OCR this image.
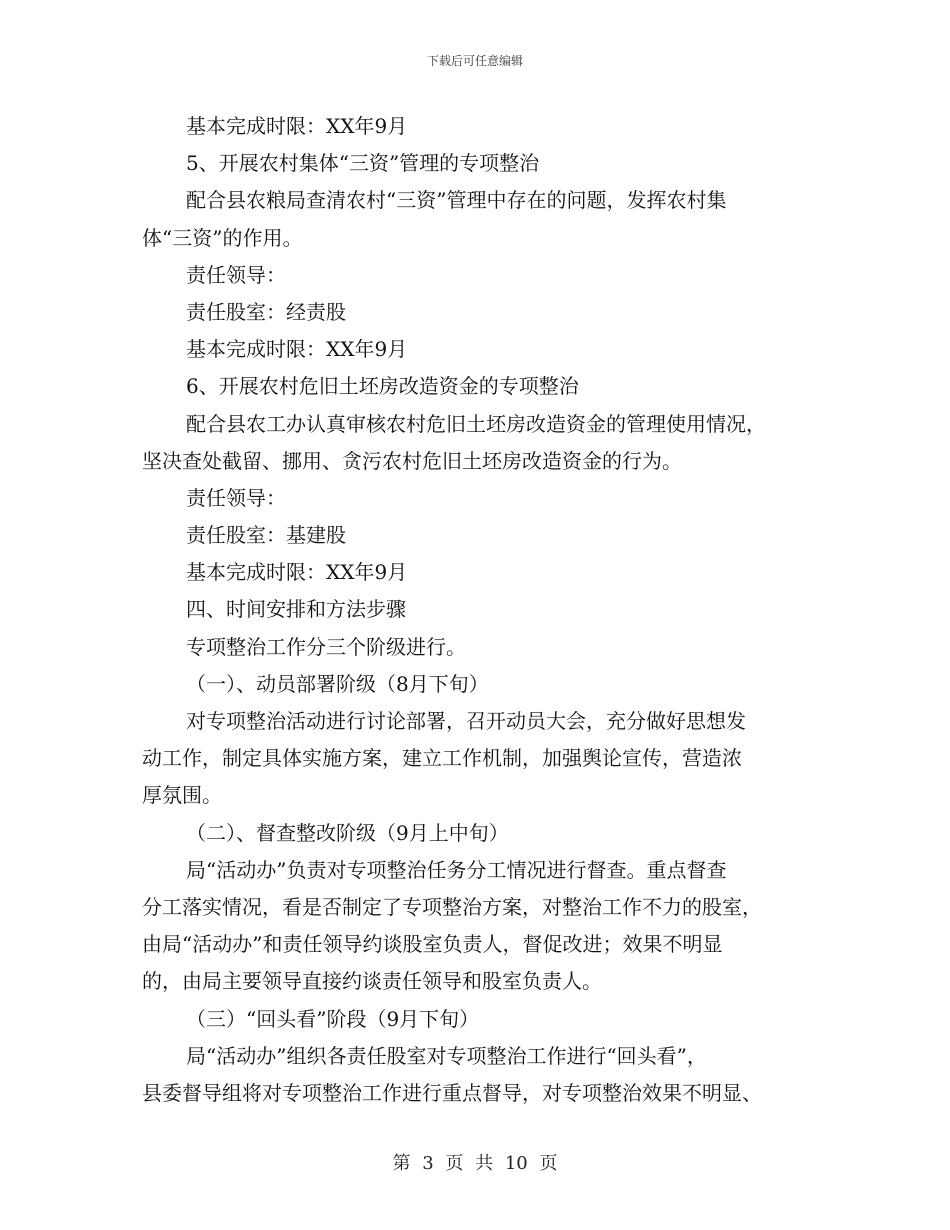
下载后可任意编辑
基本完成时限：XX年9月
5、开展农村集体“三资”管理的专项整治
配合县农粮局查清农村“三资”管理中存在的问题，发挥农村集
体“三资”的作用。
责任领导：
责任股室：经责股
基本完成时限：XX年9月
6、开展农村危旧土坯房改造资金的专项整治
配合县农工办认真审核农村危旧土坯房改造资金的管理使用情况，
坚决查处截留、挪用、贪污农村危旧土坯房改造资金的行为。
责任领导：
责任股室：基建股
基本完成时限：XX年9月
四、时间安排和方法步骤
专项整治工作分三个阶级进行。
（一）、动员部署阶级（8月下旬）
对专项整治活动进行讨论部署，召开动员大会，充分做好思想发
动工作，制定具体实施方案，建立工作机制，加强舆论宣传，营造浓
厚氛围。
（二）、督查整改阶级（9月上中旬）
局“活动办”负责对专项整治任务分工情况进行督查。重点督查
分工落实情况，看是否制定了专项整治方案，对整治工作不力的股室，
由局“活动办”和责任领导约谈股室负责人，督促改进；效果不明显
的，由局主要领导直接约谈责任领导和股室负责人。
（三）“回头看”阶段（9月下旬）
局“活动办”组织各责任股室对专项整治工作进行“回头看”，
县委督导组将对专项整治工作进行重点督导，对专项整治效果不明显、
第 3 页 共 10 页
